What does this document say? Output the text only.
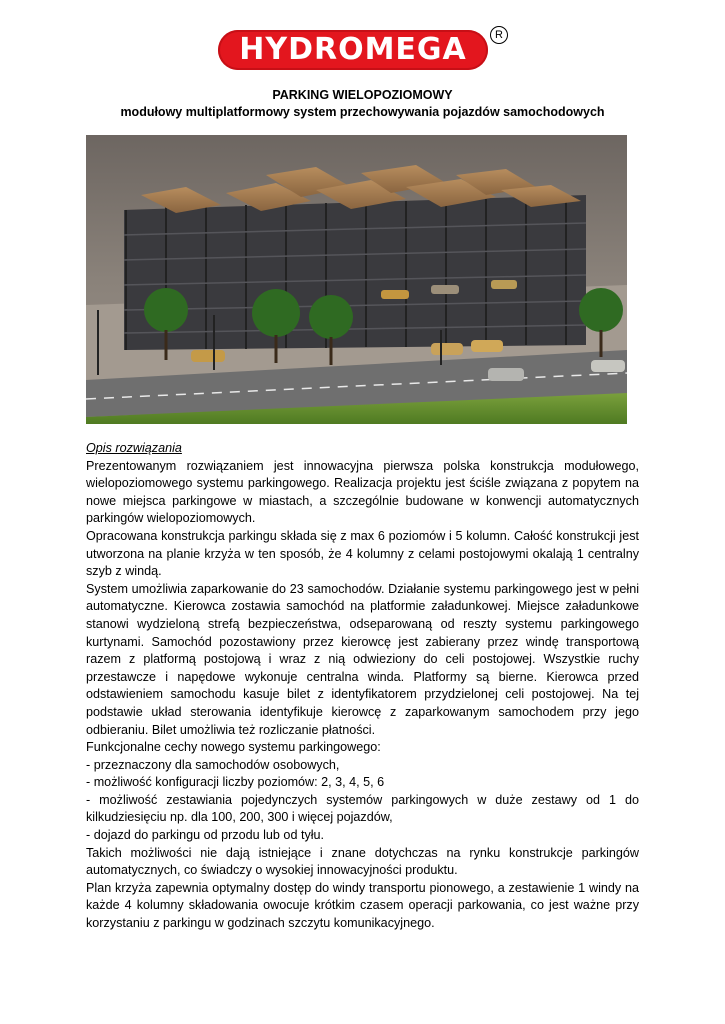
HYDROMEGA	R
PARKING WIELOPOZIOMOWY
modułowy multiplatformowy system przechowywania pojazdów samochodowych

Opis rozwiązania

Prezentowanym rozwiązaniem jest innowacyjna pierwsza polska konstrukcja modułowego, wielopoziomowego systemu parkingowego. Realizacja projektu jest ściśle związana z popytem na nowe miejsca parkingowe w miastach, a szczególnie budowane w konwencji automatycznych parkingów wielopoziomowych.

Opracowana konstrukcja parkingu składa się z max 6 poziomów i 5 kolumn. Całość konstrukcji jest utworzona na planie krzyża w ten sposób, że 4 kolumny z celami postojowymi okalają 1 centralny szyb z windą.

System umożliwia zaparkowanie do 23 samochodów. Działanie systemu parkingowego jest w pełni automatyczne. Kierowca zostawia samochód na platformie załadunkowej. Miejsce załadunkowe stanowi wydzieloną strefą bezpieczeństwa, odseparowaną od reszty systemu parkingowego kurtynami. Samochód pozostawiony przez kierowcę jest zabierany przez windę transportową razem z platformą postojową i wraz z nią odwieziony do celi postojowej. Wszystkie ruchy przestawcze i napędowe wykonuje centralna winda. Platformy są bierne. Kierowca przed odstawieniem samochodu kasuje bilet z identyfikatorem przydzielonej celi postojowej. Na tej podstawie układ sterowania identyfikuje kierowcę z zaparkowanym samochodem przy jego odbieraniu. Bilet umożliwia też rozliczanie płatności.

Funkcjonalne cechy nowego systemu parkingowego:

- przeznaczony dla samochodów osobowych,

- możliwość konfiguracji liczby poziomów: 2, 3, 4, 5, 6

- możliwość zestawiania pojedynczych systemów parkingowych w duże zestawy od 1 do kilkudziesięciu np. dla 100, 200, 300 i więcej pojazdów,

- dojazd do parkingu od przodu lub od tyłu.

Takich możliwości nie dają istniejące i znane dotychczas na rynku konstrukcje parkingów automatycznych, co świadczy o wysokiej innowacyjności produktu.

Plan krzyża zapewnia optymalny dostęp do windy transportu pionowego, a zestawienie 1 windy na każde 4 kolumny składowania owocuje krótkim czasem operacji parkowania, co jest ważne przy korzystaniu z parkingu w godzinach szczytu komunikacyjnego.
